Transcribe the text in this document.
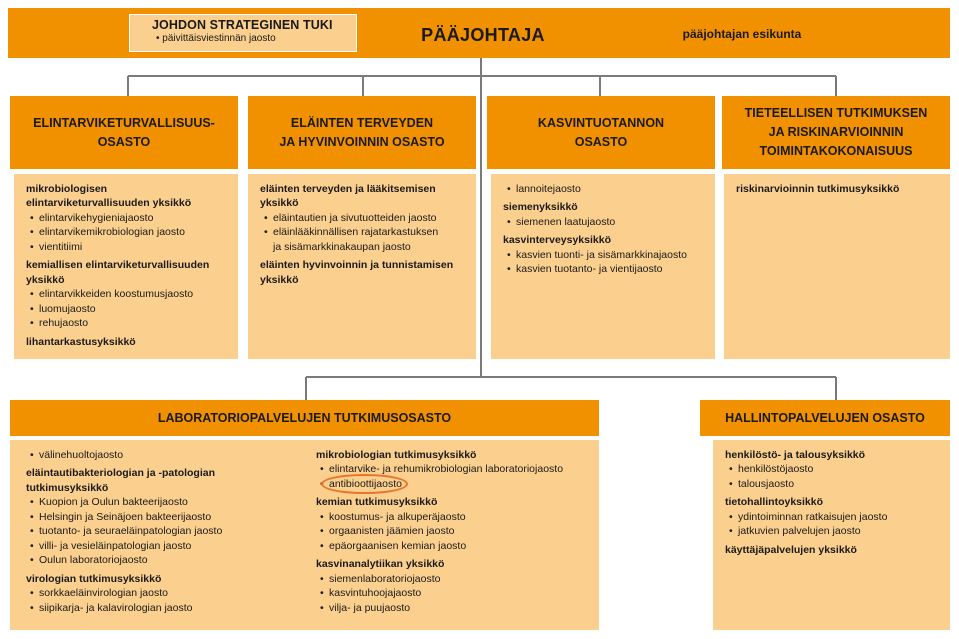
JOHDON STRATEGINEN TUKI
• päivittäisviestinnän jaosto	PÄÄJOHTAJA	pääjohtajan esikunta
ELINTARVIKETURVALLISUUS-
OSASTO
ELÄINTEN TERVEYDEN
JA HYVINVOINNIN OSASTO
KASVINTUOTANNON
OSASTO
TIETEELLISEN TUTKIMUKSEN
JA RISKINARVIOINNIN
TOIMINTAKOKONAISUUS
mikrobiologisen elintarviketurvallisuuden yksikkö
• elintarvikehygieniajaosto
• elintarvikemikrobiologian jaosto
• vientitiimi
kemiallisen elintarviketurvallisuuden yksikkö
• elintarvikkeiden koostumusjaosto
• luomujaosto
• rehujaosto
lihantarkastusyksikkö
eläinten terveyden ja lääkitsemisen yksikkö
• eläintautien ja sivutuotteiden jaosto
• eläinlääkinnällisen rajatarkastuksen
ja sisämarkkinakaupan jaosto
eläinten hyvinvoinnin ja tunnistamisen yksikkö
• lannoitejaosto
siemenyksikkö
• siemenen laatujaosto
kasvinterveysyksikkö
• kasvien tuonti- ja sisämarkkinajaosto
• kasvien tuotanto- ja vientijaosto
riskinarvioinnin tutkimusyksikkö
LABORATORIOPALVELUJEN TUTKIMUSOSASTO
• välinehuoltojaosto
eläintautibakteriologian ja -patologian tutkimusyksikkö
• Kuopion ja Oulun bakteerijaosto
• Helsingin ja Seinäjoen bakteerijaosto
• tuotanto- ja seuraeläinpatologian jaosto
• villi- ja vesieläinpatologian jaosto
• Oulun laboratoriojaosto
virologian tutkimusyksikkö
• sorkkaeläinvirologian jaosto
• siipikarja- ja kalavirologian jaosto
mikrobiologian tutkimusyksikkö
• elintarvike- ja rehumikrobiologian laboratoriojaosto
• antibioottijaosto
kemian tutkimusyksikkö
• koostumus- ja alkuperäjaosto
• orgaanisten jäämien jaosto
• epäorgaanisen kemian jaosto
kasvinanalytiikan yksikkö
• siemenlaboratoriojaosto
• kasvintuhoojajaosto
• vilja- ja puujaosto
HALLINTOPALVELUJEN OSASTO
henkilöstö- ja talousyksikkö
• henkilöstöjaosto
• talousjaosto
tietohallintoyksikkö
• ydintoiminnan ratkaisujen jaosto
• jatkuvien palvelujen jaosto
käyttäjäpalvelujen yksikkö
